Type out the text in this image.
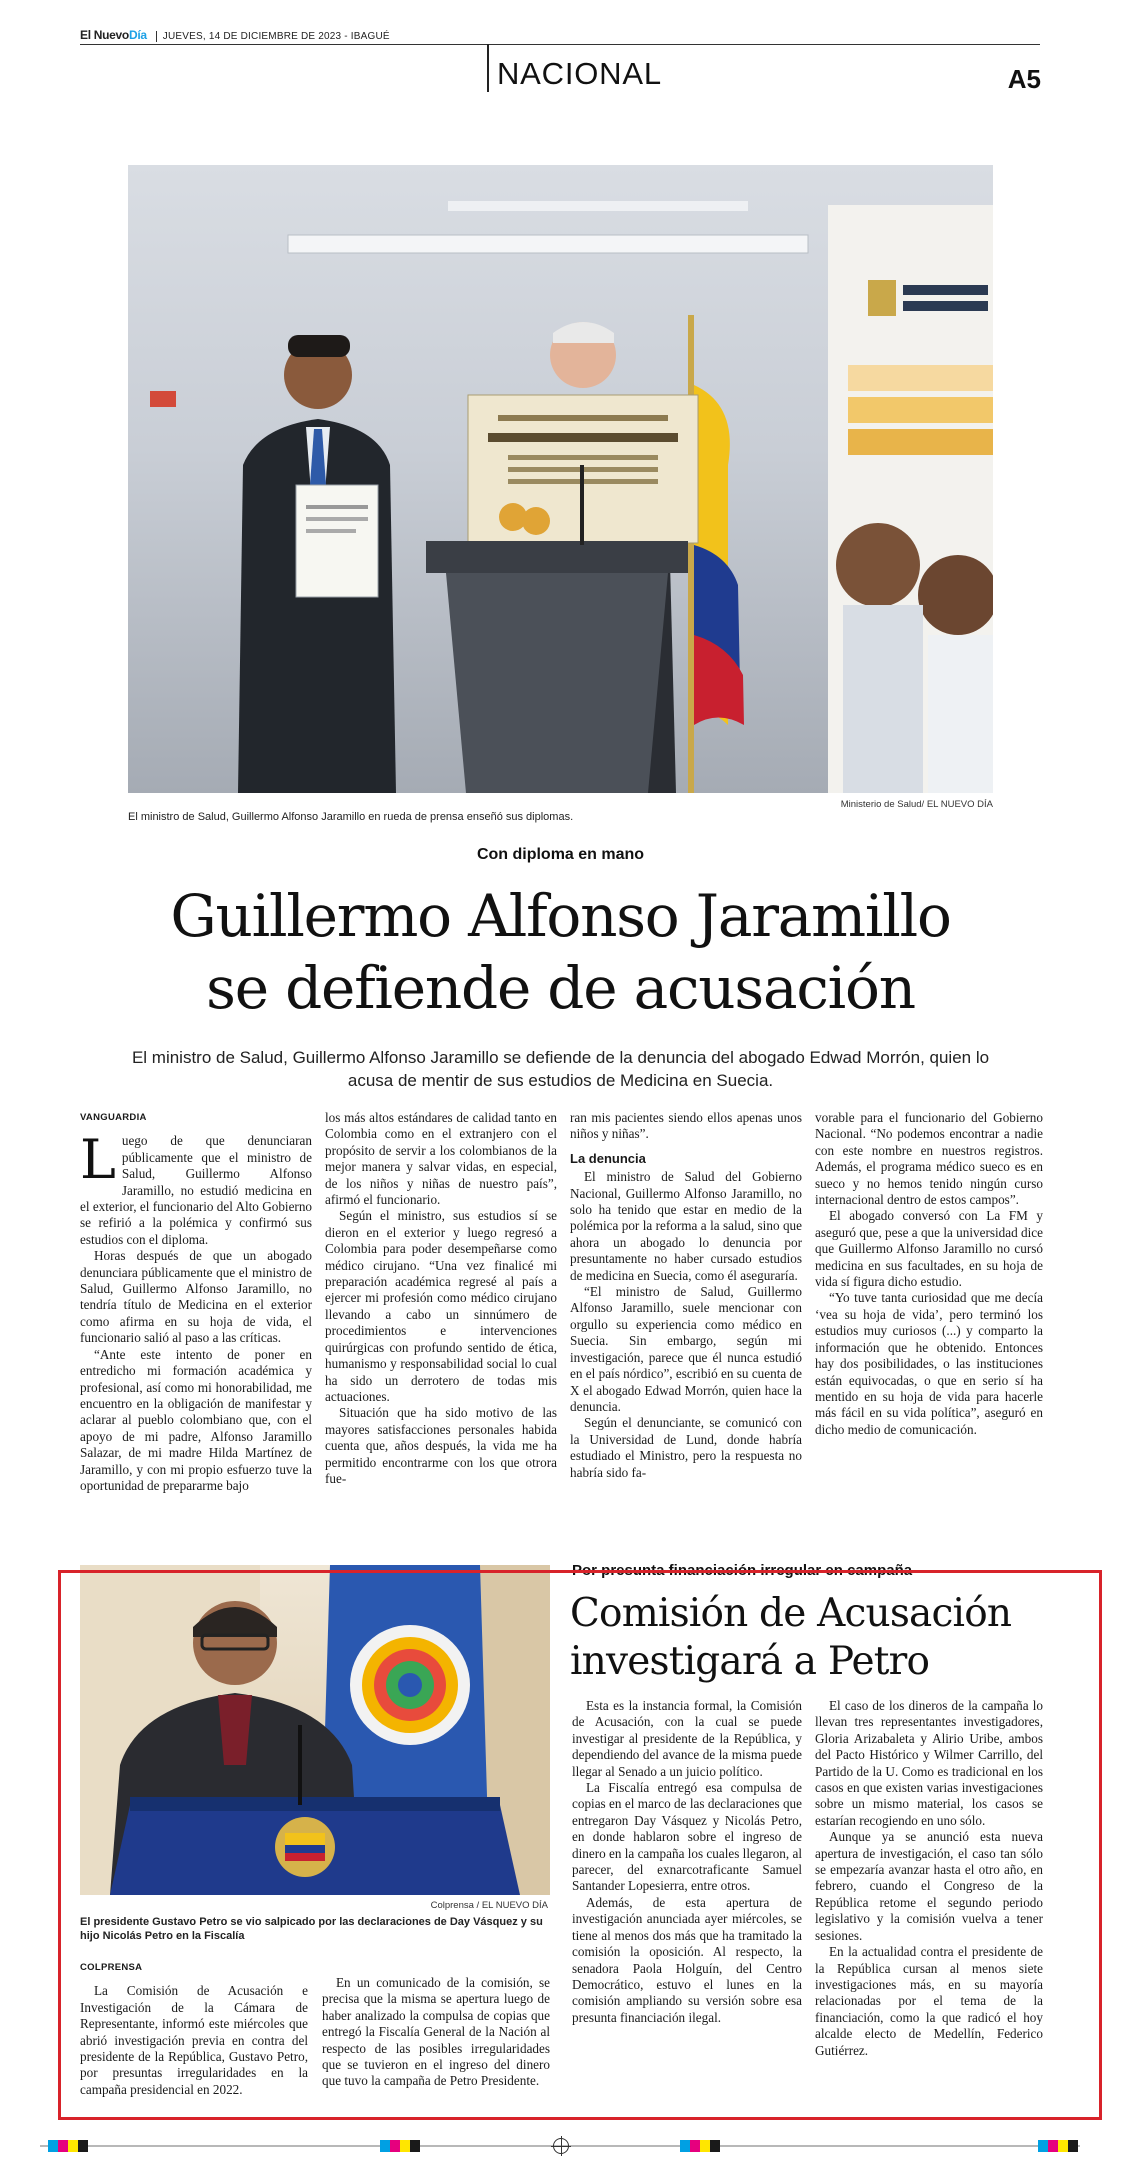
El NuevoDía JUEVES, 14 DE DICIEMBRE DE 2023 - IBAGUÉ
NACIONAL	A5
El ministro de Salud, Guillermo Alfonso Jaramillo en rueda de prensa enseñó sus diplomas.
Ministerio de Salud/ EL NUEVO DÍA
Con diploma en mano
Guillermo Alfonso Jaramillo
se defiende de acusación
El ministro de Salud, Guillermo Alfonso Jaramillo se defiende de la denuncia del abogado Edwad Morrón, quien lo acusa de mentir de sus estudios de Medicina en Suecia.

VANGUARDIA

Luego de que denunciaran públicamente que el ministro de Salud, Guillermo Alfonso Jaramillo, no estudió medicina en el exterior, el funcionario del Alto Gobierno se refirió a la polémica y confirmó sus estudios con el diploma.

Horas después de que un abogado denunciara públicamente que el ministro de Salud, Guillermo Alfonso Jaramillo, no tendría título de Medicina en el exterior como afirma en su hoja de vida, el funcionario salió al paso a las críticas.

“Ante este intento de poner en entredicho mi formación académica y profesional, así como mi honorabilidad, me encuentro en la obligación de manifestar y aclarar al pueblo colombiano que, con el apoyo de mi padre, Alfonso Jaramillo Salazar, de mi madre Hilda Martínez de Jaramillo, y con mi propio esfuerzo tuve la oportunidad de prepararme bajo

los más altos estándares de calidad tanto en Colombia como en el extranjero con el propósito de servir a los colombianos de la mejor manera y salvar vidas, en especial, de los niños y niñas de nuestro país”, afirmó el funcionario.

Según el ministro, sus estudios sí se dieron en el exterior y luego regresó a Colombia para poder desempeñarse como médico cirujano. “Una vez finalicé mi preparación académica regresé al país a ejercer mi profesión como médico cirujano llevando a cabo un sinnúmero de procedimientos e intervenciones quirúrgicas con profundo sentido de ética, humanismo y responsabilidad social lo cual ha sido un derrotero de todas mis actuaciones.

Situación que ha sido motivo de las mayores satisfacciones personales habida cuenta que, años después, la vida me ha permitido encontrarme con los que otrora fue-

ran mis pacientes siendo ellos apenas unos niños y niñas”.

La denuncia

El ministro de Salud del Gobierno Nacional, Guillermo Alfonso Jaramillo, no solo ha tenido que estar en medio de la polémica por la reforma a la salud, sino que ahora un abogado lo denuncia por presuntamente no haber cursado estudios de medicina en Suecia, como él aseguraría.

“El ministro de Salud, Guillermo Alfonso Jaramillo, suele mencionar con orgullo su experiencia como médico en Suecia. Sin embargo, según mi investigación, parece que él nunca estudió en el país nórdico”, escribió en su cuenta de X el abogado Edwad Morrón, quien hace la denuncia.

Según el denunciante, se comunicó con la Universidad de Lund, donde habría estudiado el Ministro, pero la respuesta no habría sido fa-

vorable para el funcionario del Gobierno Nacional. “No podemos encontrar a nadie con este nombre en nuestros registros. Además, el programa médico sueco es en sueco y no hemos tenido ningún curso internacional dentro de estos campos”.

El abogado conversó con La FM y aseguró que, pese a que la universidad dice que Guillermo Alfonso Jaramillo no cursó medicina en sus facultades, en su hoja de vida sí figura dicho estudio.

“Yo tuve tanta curiosidad que me decía ‘vea su hoja de vida’, pero terminó los estudios muy curiosos (...) y comparto la información que he obtenido. Entonces hay dos posibilidades, o las instituciones están equivocadas, o que en serio sí ha mentido en su hoja de vida para hacerle más fácil en su vida política”, aseguró en dicho medio de comunicación.

Colprensa / EL NUEVO DÍA
El presidente Gustavo Petro se vio salpicado por las declaraciones de Day Vásquez y su hijo Nicolás Petro en la Fiscalía
Por presunta financiación irregular en campaña
Comisión de Acusación
investigará a Petro

COLPRENSA

La Comisión de Acusación e Investigación de la Cámara de Representante, informó este miércoles que abrió investigación previa en contra del presidente de la República, Gustavo Petro, por presuntas irregularidades en la campaña presidencial en 2022.

En un comunicado de la comisión, se precisa que la misma se apertura luego de haber analizado la compulsa de copias que entregó la Fiscalía General de la Nación al respecto de las posibles irregularidades que se tuvieron en el ingreso del dinero que tuvo la campaña de Petro Presidente.

Esta es la instancia formal, la Comisión de Acusación, con la cual se puede investigar al presidente de la República, y dependiendo del avance de la misma puede llegar al Senado a un juicio político.

La Fiscalía entregó esa compulsa de copias en el marco de las declaraciones que entregaron Day Vásquez y Nicolás Petro, en donde hablaron sobre el ingreso de dinero en la campaña los cuales llegaron, al parecer, del exnarcotraficante Samuel Santander Lopesierra, entre otros.

Además, de esta apertura de investigación anunciada ayer miércoles, se tiene al menos dos más que ha tramitado la comisión la oposición. Al respecto, la senadora Paola Holguín, del Centro Democrático, estuvo el lunes en la comisión ampliando su versión sobre esa presunta financiación ilegal.

El caso de los dineros de la campaña lo llevan tres representantes investigadores, Gloria Arizabaleta y Alirio Uribe, ambos del Pacto Histórico y Wilmer Carrillo, del Partido de la U. Como es tradicional en los casos en que existen varias investigaciones sobre un mismo material, los casos se estarían recogiendo en uno sólo.

Aunque ya se anunció esta nueva apertura de investigación, el caso tan sólo se empezaría avanzar hasta el otro año, en febrero, cuando el Congreso de la República retome el segundo periodo legislativo y la comisión vuelva a tener sesiones.

En la actualidad contra el presidente de la República cursan al menos siete investigaciones más, en su mayoría relacionadas por el tema de la financiación, como la que radicó el hoy alcalde electo de Medellín, Federico Gutiérrez.
